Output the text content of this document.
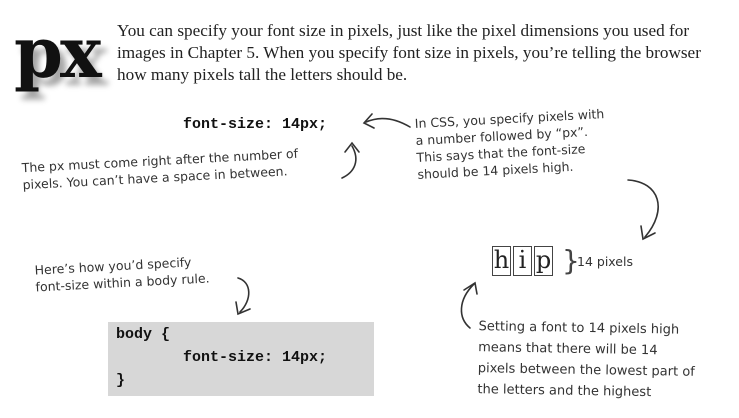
px You can specify your font size in pixels, just like the pixel dimensions you used for images in Chapter 5. When you specify font size in pixels, you’re telling the browser how many pixels tall the letters should be.
font-size: 14px;
The px must come right after the number of
pixels. You can’t have a space in between.
In CSS, you specify pixels with
a number followed by “px”.
This says that the font-size
should be 14 pixels high.
Here’s how you’d specify
font-size within a body rule.
Setting a font to 14 pixels high
means that there will be 14
pixels between the lowest part of
the letters and the highest
body {
font-size: 14px;
}
h i p }
14 pixels
